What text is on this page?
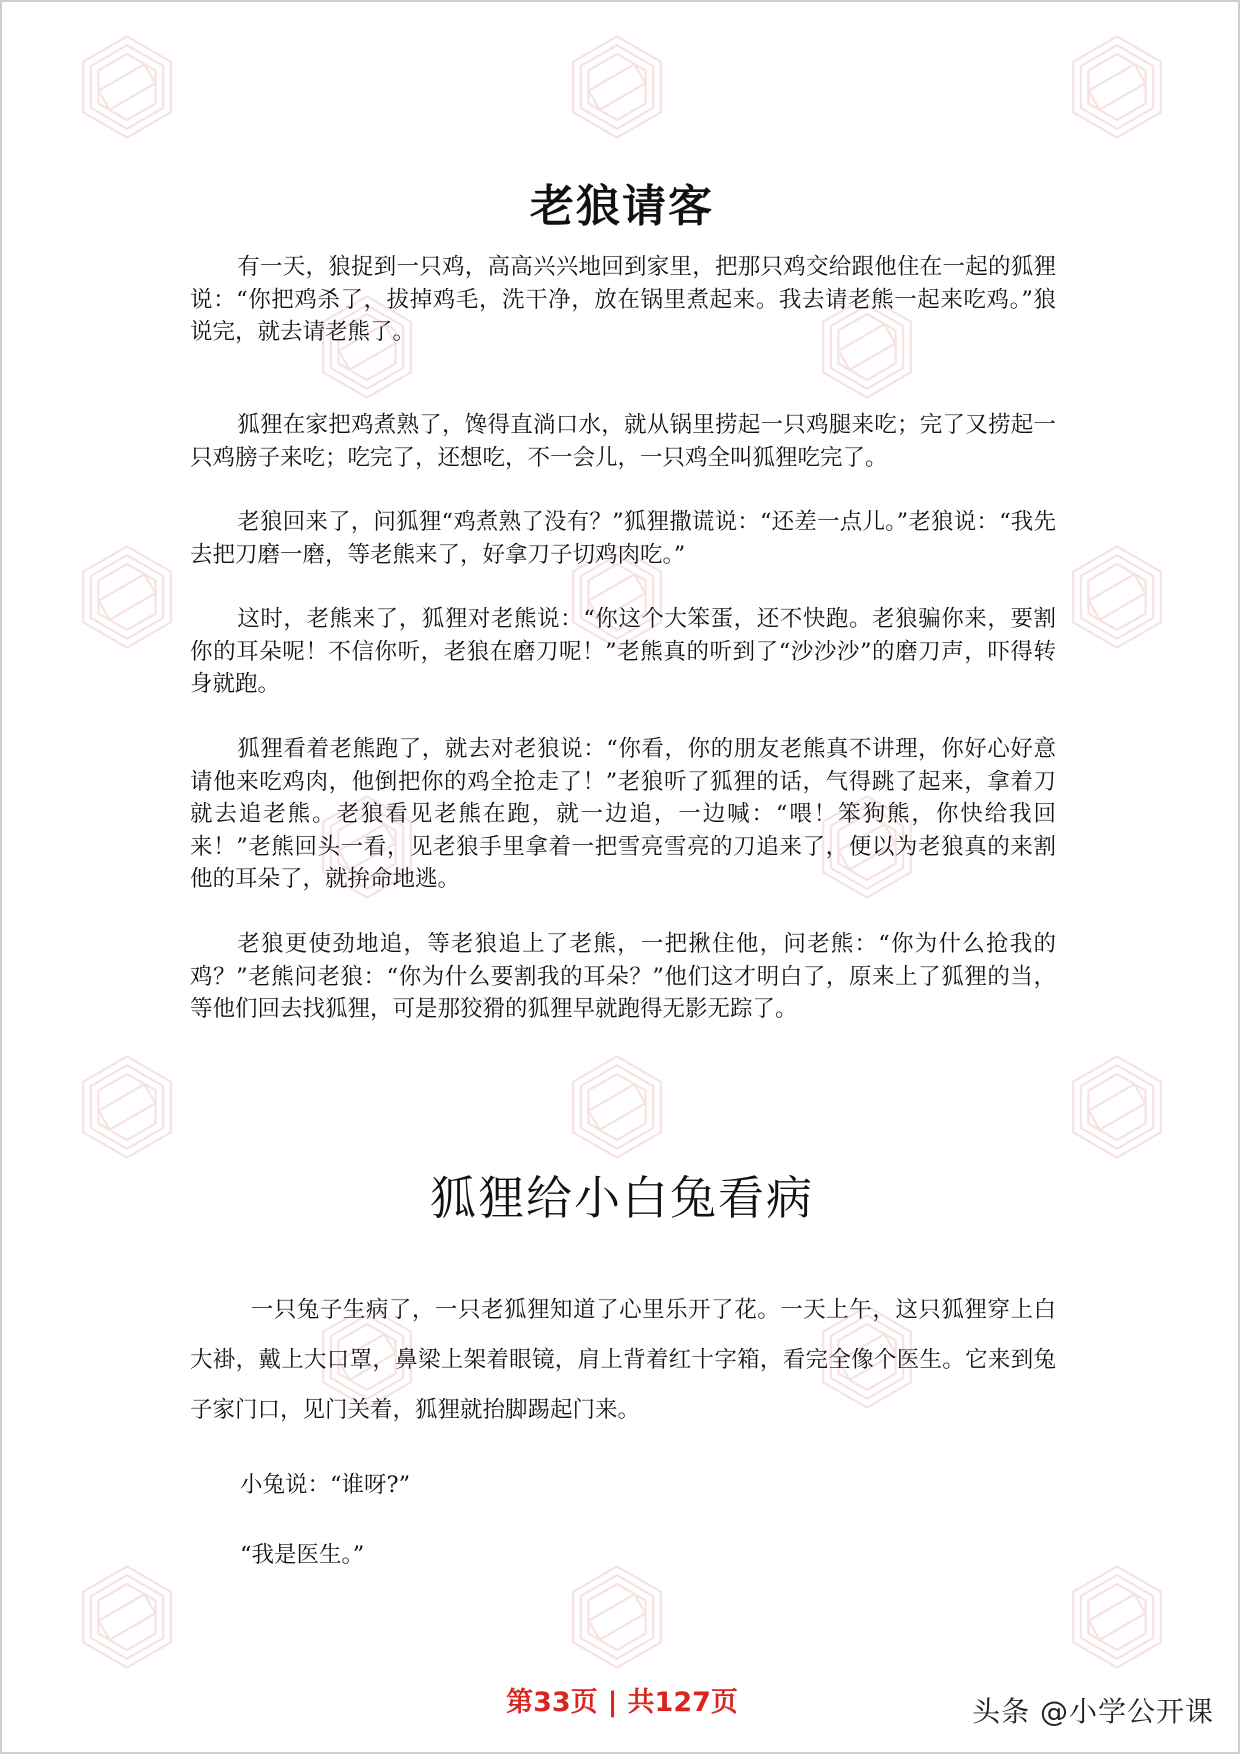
老狼请客

有一天，狼捉到一只鸡，高高兴兴地回到家里，把那只鸡交给跟他住在一起的狐狸说：“你把鸡杀了，拔掉鸡毛，洗干净，放在锅里煮起来。我去请老熊一起来吃鸡。”狼说完，就去请老熊了。

狐狸在家把鸡煮熟了，馋得直淌口水，就从锅里捞起一只鸡腿来吃；完了又捞起一只鸡膀子来吃；吃完了，还想吃，不一会儿，一只鸡全叫狐狸吃完了。

老狼回来了，问狐狸“鸡煮熟了没有？”狐狸撒谎说：“还差一点儿。”老狼说：“我先去把刀磨一磨，等老熊来了，好拿刀子切鸡肉吃。”

这时，老熊来了，狐狸对老熊说：“你这个大笨蛋，还不快跑。老狼骗你来，要割你的耳朵呢！不信你听，老狼在磨刀呢！”老熊真的听到了“沙沙沙”的磨刀声，吓得转身就跑。

狐狸看着老熊跑了，就去对老狼说：“你看，你的朋友老熊真不讲理，你好心好意请他来吃鸡肉，他倒把你的鸡全抢走了！”老狼听了狐狸的话，气得跳了起来，拿着刀就去追老熊。老狼看见老熊在跑，就一边追，一边喊：“喂！笨狗熊，你快给我回来！”老熊回头一看，见老狼手里拿着一把雪亮雪亮的刀追来了，便以为老狼真的来割他的耳朵了，就拚命地逃。

老狼更使劲地追，等老狼追上了老熊，一把揪住他，问老熊：“你为什么抢我的鸡？”老熊问老狼：“你为什么要割我的耳朵？”他们这才明白了，原来上了狐狸的当，等他们回去找狐狸，可是那狡猾的狐狸早就跑得无影无踪了。

狐狸给小白兔看病

一只兔子生病了，一只老狐狸知道了心里乐开了花。一天上午，这只狐狸穿上白大褂，戴上大口罩，鼻梁上架着眼镜，肩上背着红十字箱，看完全像个医生。它来到兔子家门口，见门关着，狐狸就抬脚踢起门来。

小兔说：“谁呀?”

“我是医生。”

第33页 | 共127页	头条 @小学公开课
